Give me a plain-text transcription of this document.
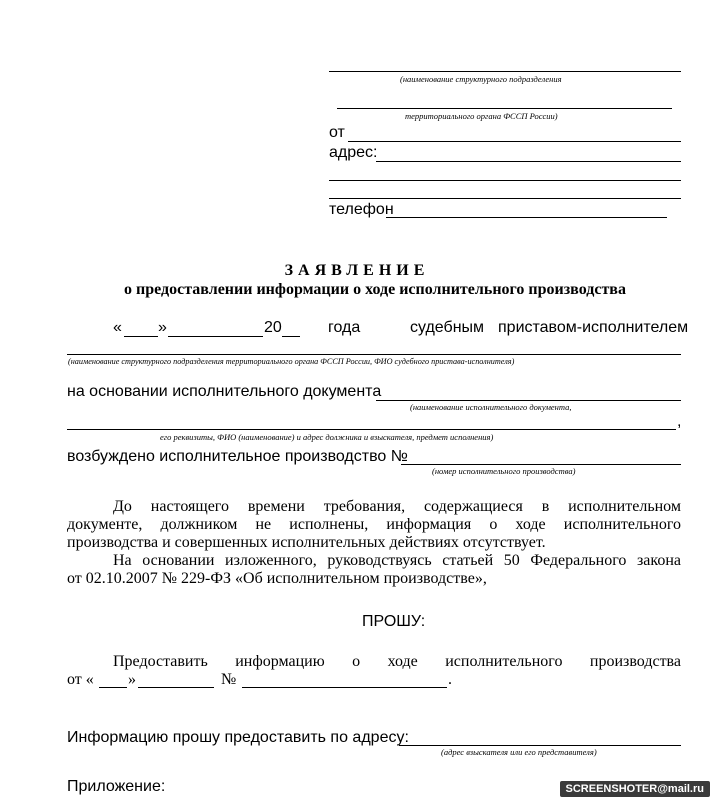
(наименование структурного подразделения
территориального органа ФССП России)
от
адрес:
телефон
ЗАЯВЛЕНИЕ
о предоставлении информации о ходе исполнительного производства
« »	20	года	судебным приставом-исполнителем
(наименование структурного подразделения территориального органа ФССП России, ФИО судебного пристава-исполнителя)
на основании исполнительного документа
(наименование исполнительного документа,
,
его реквизиты, ФИО (наименование) и адрес должника и взыскателя, предмет исполнения)
возбуждено исполнительное производство №
(номер исполнительного производства)
До настоящего времени требования, содержащиеся в исполнительном
документе, должником не исполнены, информация о ходе исполнительного
производства и совершенных исполнительных действиях отсутствует.
На основании изложенного, руководствуясь статьей 50 Федерального закона
от 02.10.2007 № 229-ФЗ «Об исполнительном производстве»,
ПРОШУ:
Предоставить информацию о ходе исполнительного производства
от « »	№	.
Информацию прошу предоставить по адресу:
(адрес взыскателя или его представителя)
Приложение:	SCREENSHOTER@mail.ru
